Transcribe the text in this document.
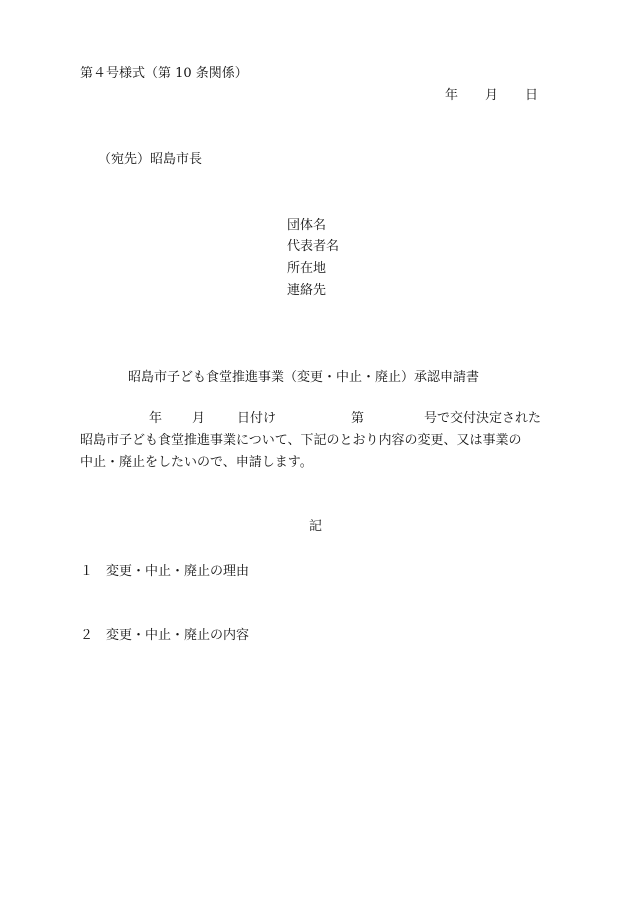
第４号様式（第 10 条関係）
年 月 日
（宛先）昭島市長
団体名
代表者名
所在地
連絡先
昭島市子ども食堂推進事業（変更・中止・廃止）承認申請書
年 月 日付け	第	号で交付決定された
昭島市子ども食堂推進事業について、下記のとおり内容の変更、又は事業の
中止・廃止をしたいので、申請します。
記
１ 変更・中止・廃止の理由
２ 変更・中止・廃止の内容
